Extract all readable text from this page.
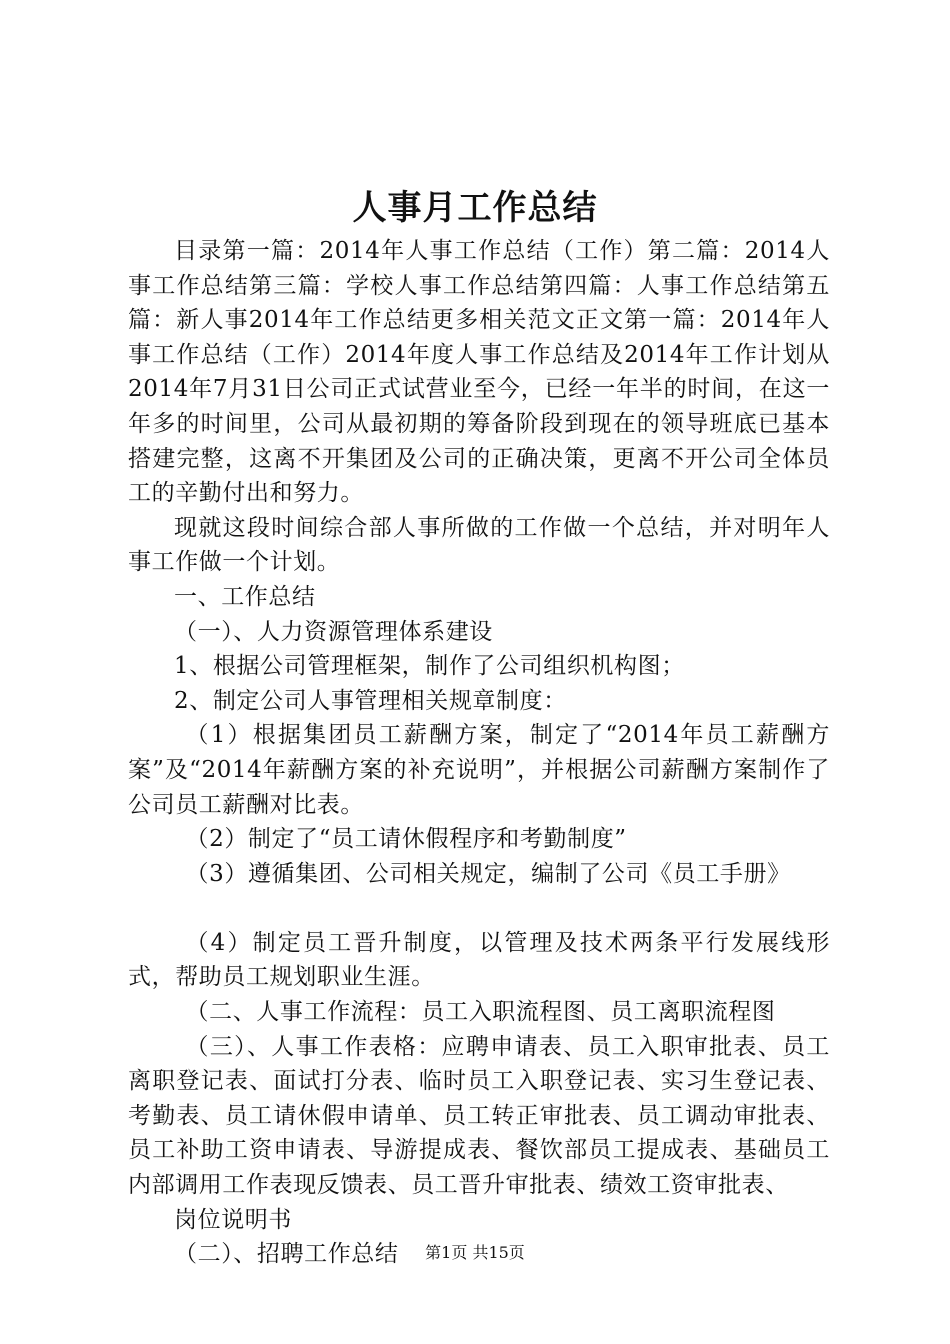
人事月工作总结

目录第一篇：2014年人事工作总结（工作）第二篇：2014人事工作总结第三篇：学校人事工作总结第四篇：人事工作总结第五篇：新人事2014年工作总结更多相关范文正文第一篇：2014年人事工作总结（工作）2014年度人事工作总结及2014年工作计划从2014年7月31日公司正式试营业至今，已经一年半的时间，在这一年多的时间里，公司从最初期的筹备阶段到现在的领导班底已基本搭建完整，这离不开集团及公司的正确决策，更离不开公司全体员工的辛勤付出和努力。

现就这段时间综合部人事所做的工作做一个总结，并对明年人事工作做一个计划。

一、工作总结

（一）、人力资源管理体系建设

1、根据公司管理框架，制作了公司组织机构图；

2、制定公司人事管理相关规章制度：

（1）根据集团员工薪酬方案，制定了“2014年员工薪酬方案”及“2014年薪酬方案的补充说明”，并根据公司薪酬方案制作了公司员工薪酬对比表。

（2）制定了“员工请休假程序和考勤制度”

（3）遵循集团、公司相关规定，编制了公司《员工手册》

（4）制定员工晋升制度，以管理及技术两条平行发展线形式，帮助员工规划职业生涯。

（二、人事工作流程：员工入职流程图、员工离职流程图

（三）、人事工作表格：应聘申请表、员工入职审批表、员工离职登记表、面试打分表、临时员工入职登记表、实习生登记表、考勤表、员工请休假申请单、员工转正审批表、员工调动审批表、员工补助工资申请表、导游提成表、餐饮部员工提成表、基础员工内部调用工作表现反馈表、员工晋升审批表、绩效工资审批表、

岗位说明书

（二）、招聘工作总结	第1页 共15页
